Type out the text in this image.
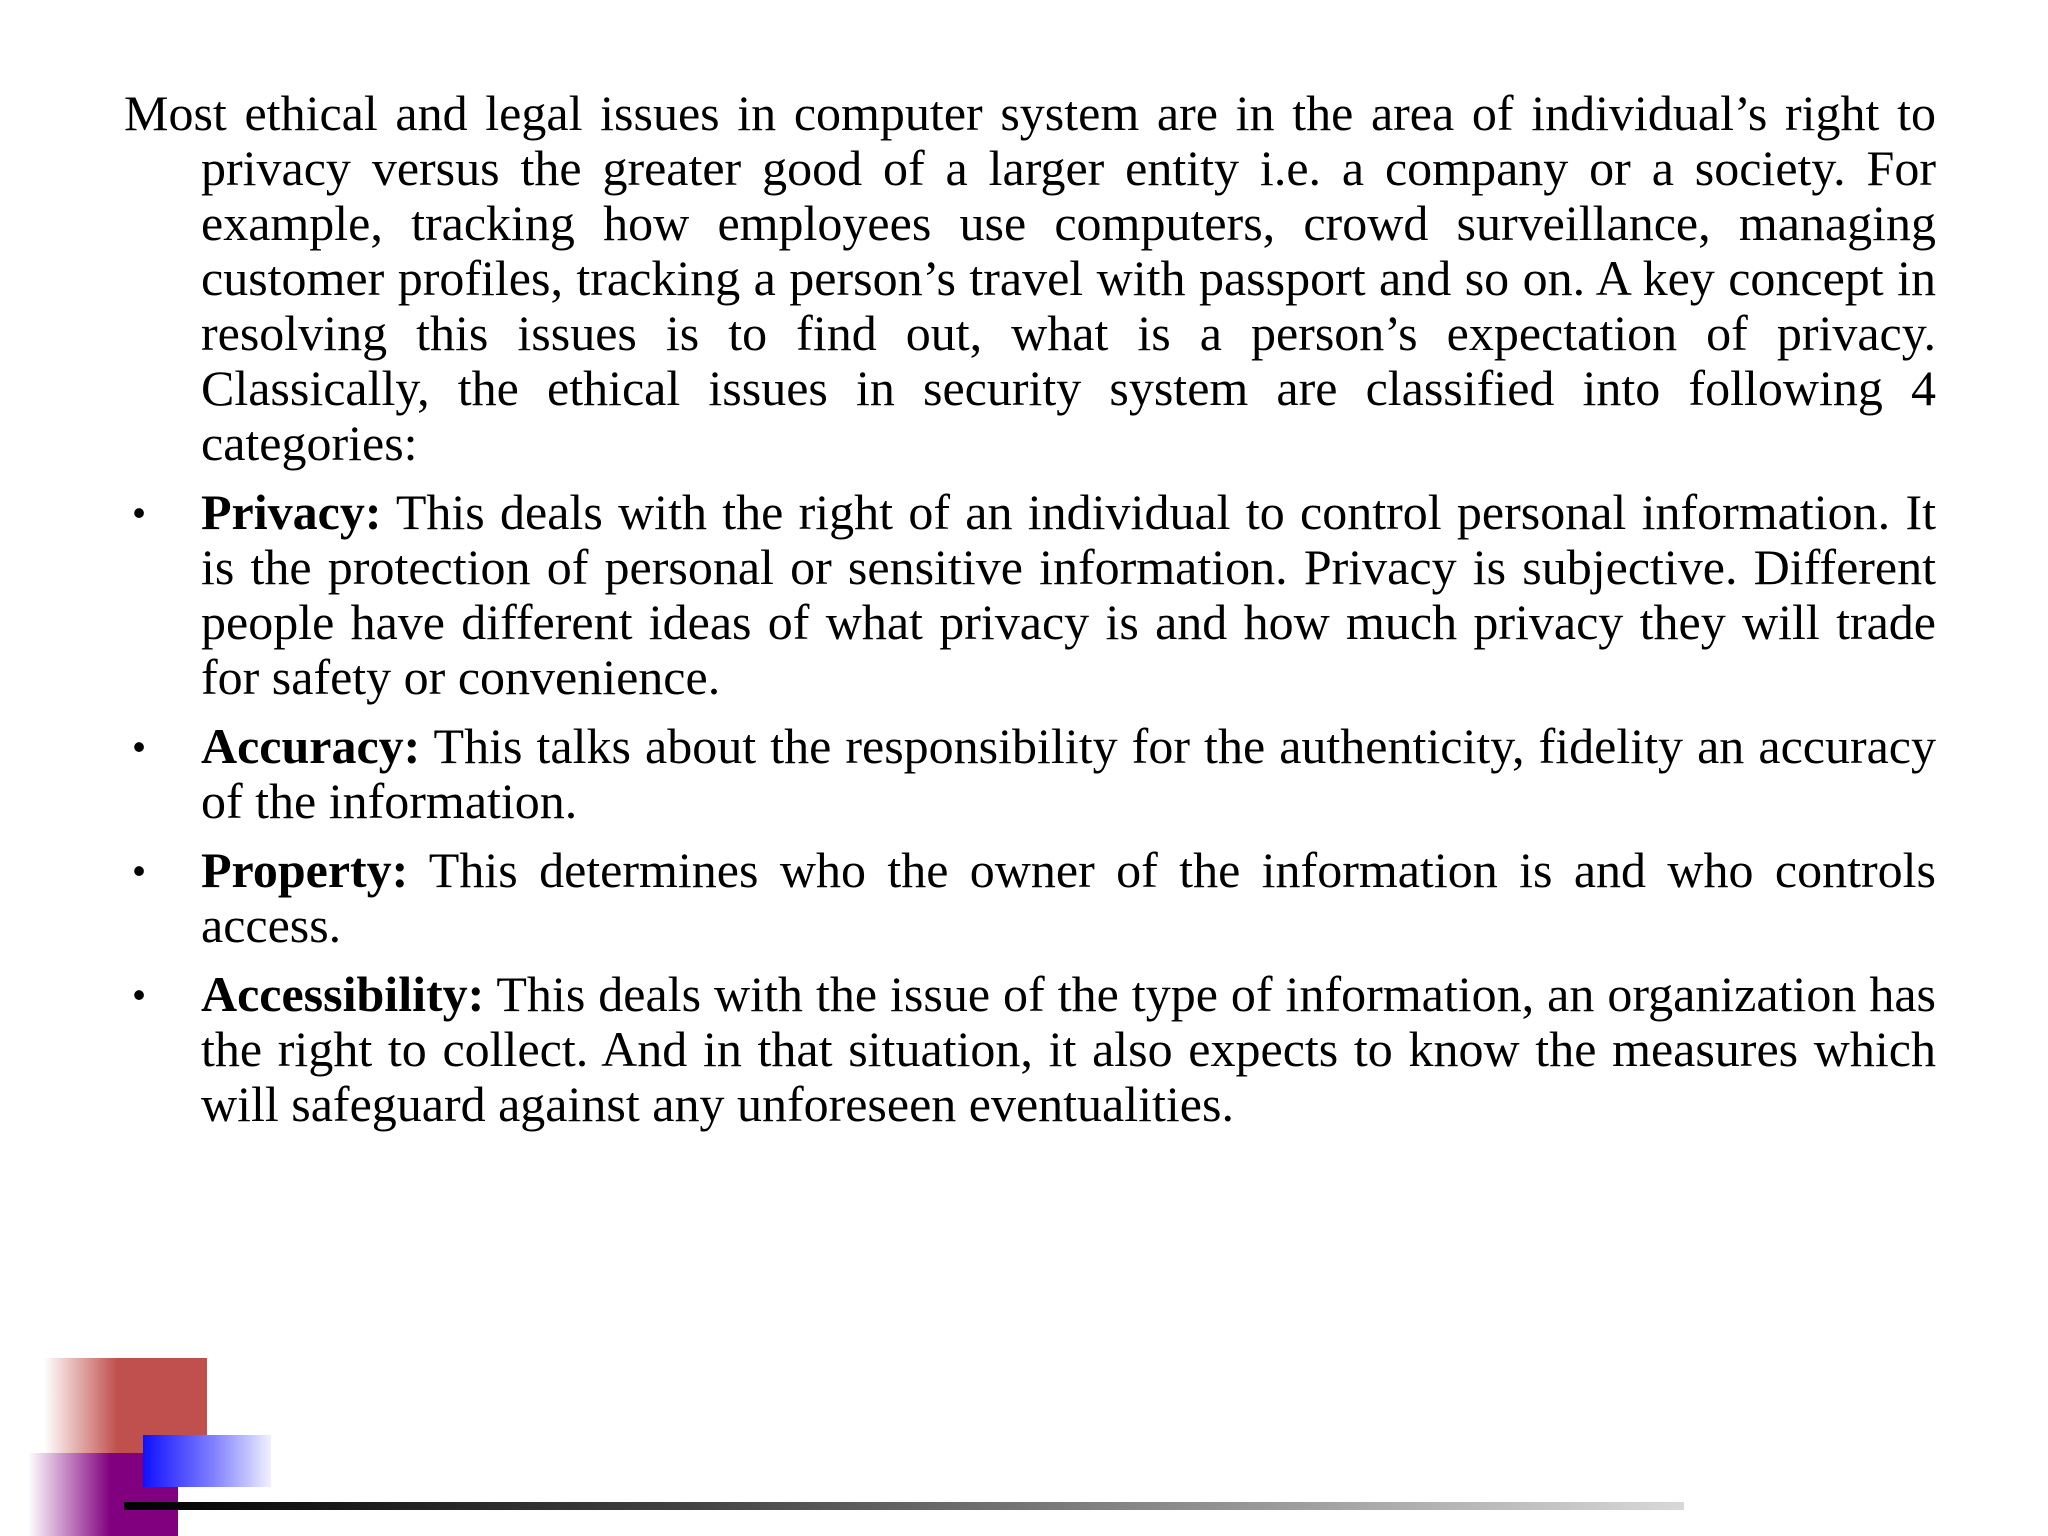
Most ethical and legal issues in computer system are in the area of individual’s right to privacy versus the greater good of a larger entity i.e. a company or a society. For example, tracking how employees use computers, crowd surveillance, managing customer profiles, tracking a person’s travel with passport and so on. A key concept in resolving this issues is to find out, what is a person’s expectation of privacy. Classically, the ethical issues in security system are classified into following 4 categories:

• Privacy: This deals with the right of an individual to control personal information. It is the protection of personal or sensitive information. Privacy is subjective. Different people have different ideas of what privacy is and how much privacy they will trade for safety or convenience.
• Accuracy: This talks about the responsibility for the authenticity, fidelity an accuracy of the information.
• Property: This determines who the owner of the information is and who controls access.
• Accessibility: This deals with the issue of the type of information, an organization has the right to collect. And in that situation, it also expects to know the measures which will safeguard against any unforeseen eventualities.
